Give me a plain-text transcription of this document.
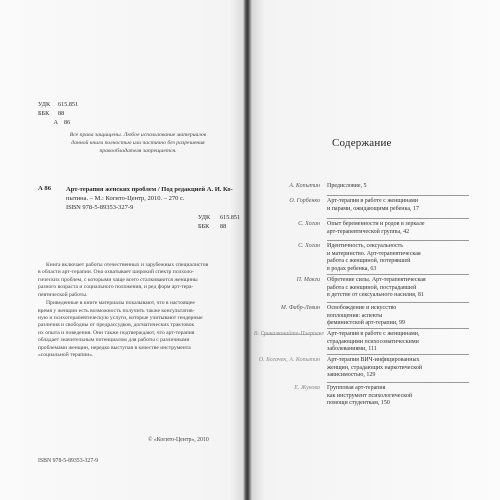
УДК 615.851
ББК 88
А 86
Все права защищены. Любое использование материалов
данной книги полностью или частично без разрешения
правообладателя запрещается.
А 86 Арт-терапия женских проблем / Под редакцией А. И. Ко-
пытина. – М.: Когито-Центр, 2010. – 270 с.
ISBN 978-5-89353-327-9
УДК 615.851
ББК 88
Книга включает работы отечественных и зарубежных специалистов
в области арт-терапии. Она охватывает широкий спектр психоло-
гических проблем, с которыми чаще всего сталкиваются женщины
разного возраста и социального положения, и ред форм арт-тера-
певтической работы.
Приведенные в книге материалы показывают, что в настоящее
время у женщин есть возможность получить также консультатив-
ную и психотерапевтическую услуги, которые учитывают гендерные
различия и свободны от предрассудков, догматических трактовок
их опыта и поведения. Они также подтверждают, что арт-терапия
обладает значительным потенциалом для работы с различными
проблемами женщин, нередко выступая в качестве инструмента
«социальной терапии».
© «Когито-Центр», 2010
ISBN 978-5-89353-327-9
Содержание
А. Копытин Предисловие, 5
О. Горбенко Арт-терапия в работе с женщинами
и парами, ожидающими ребенка, 17
С. Хоган Опыт беременности и родов в зеркале
арт-терапевтической группы, 42
С. Хоган Идентичность, сексуальность
и материнство. Арт-терапевтическая
работа с женщиной, потерявшей
в родах ребенка, 63
П. Макги Обретение силы. Арт-терапевтическая
работа с женщиной, пострадавшей
в детстве от сексуального насилия, 81
М. Фабр-Левин Освобождение и искусство
воплощения: аспекты
феминистской арт-терапии, 99
В. Грикалюнайте-Плерпеке Арт-терапия в работе с женщинами,
страдающими психосоматическими
заболеваниями, 111
О. Богачек, А. Копытин Арт-терапия ВИЧ-инфицированных
женщин, страдающих наркотической
зависимостью, 129
Е. Жукова Групповая арт-терапия
как инструмент психологической
помощи студенткам, 150
